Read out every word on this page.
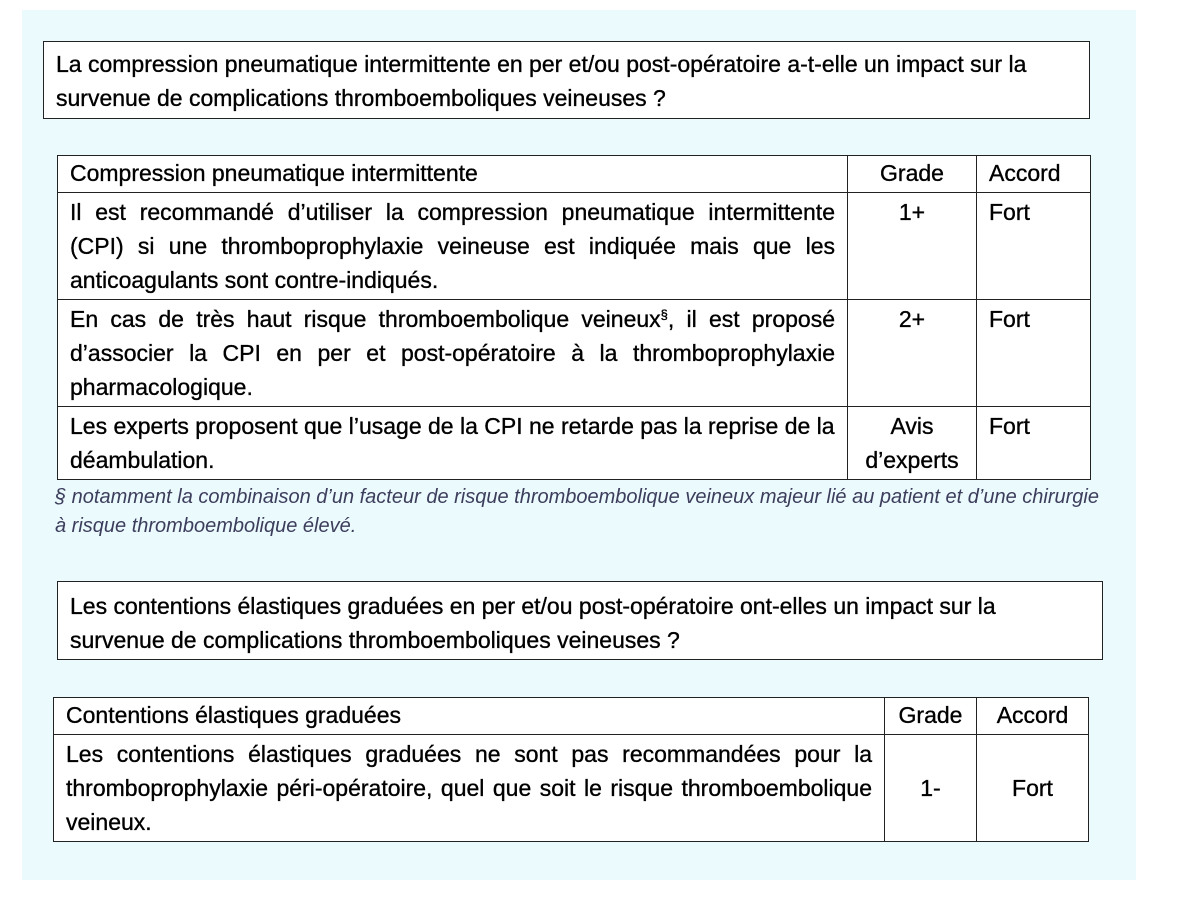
La compression pneumatique intermittente en per et/ou post-opératoire a-t-elle un impact sur la survenue de complications thromboemboliques veineuses ?
Compression pneumatique intermittente	Grade	Accord
Il est recommandé d’utiliser la compression pneumatique intermittente (CPI) si une thromboprophylaxie veineuse est indiquée mais que les anticoagulants sont contre-indiqués.	1+	Fort
En cas de très haut risque thromboembolique veineux§, il est proposé d’associer la CPI en per et post-opératoire à la thromboprophylaxie pharmacologique.	2+	Fort
Les experts proposent que l’usage de la CPI ne retarde pas la reprise de la déambulation.	Avis d’experts	Fort
§ notamment la combinaison d’un facteur de risque thromboembolique veineux majeur lié au patient et d’une chirurgie à risque thromboembolique élevé.
Les contentions élastiques graduées en per et/ou post-opératoire ont-elles un impact sur la survenue de complications thromboemboliques veineuses ?
Contentions élastiques graduées	Grade	Accord
Les contentions élastiques graduées ne sont pas recommandées pour la thromboprophylaxie péri-opératoire, quel que soit le risque thromboembolique veineux.	1-	Fort
